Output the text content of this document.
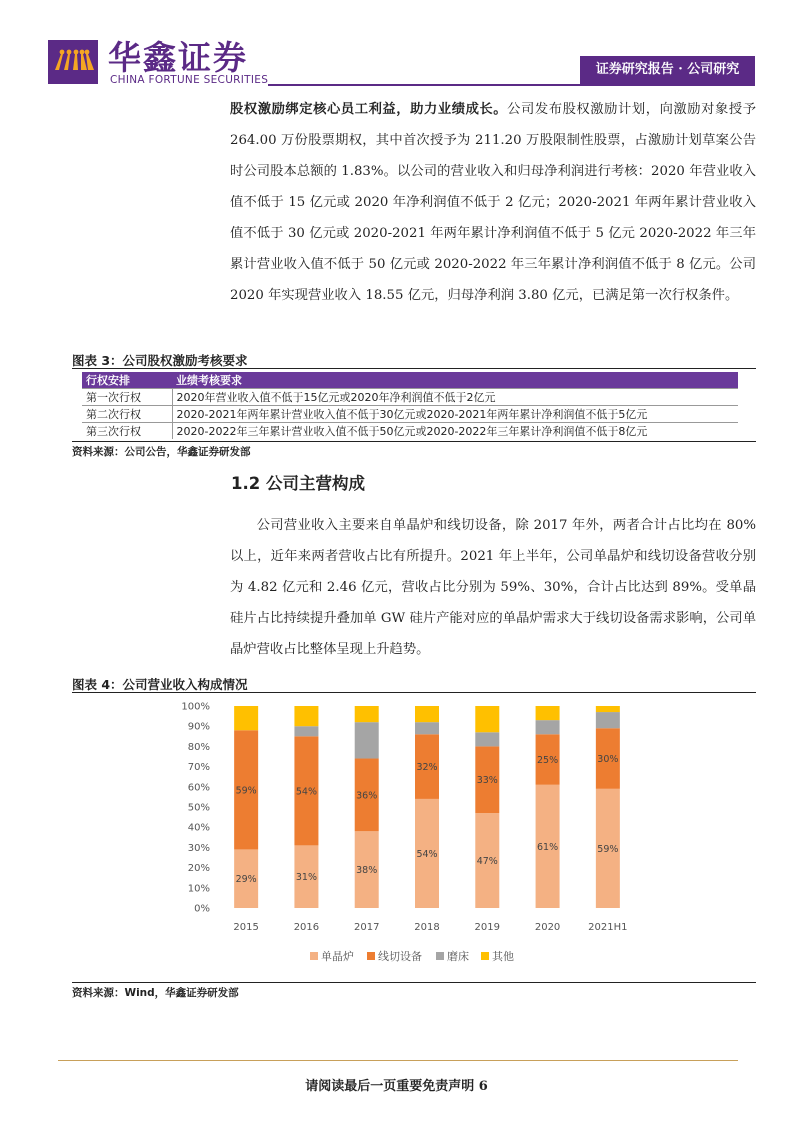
华鑫证券
CHINA FORTUNE SECURITIES
证券研究报告 · 公司研究
股权激励绑定核心员工利益，助力业绩成长。公司发布股权激励计划，向激励对象授予 264.00 万份股票期权，其中首次授予为 211.20 万股限制性股票，占激励计划草案公告时公司股本总额的 1.83%。以公司的营业收入和归母净利润进行考核：2020 年营业收入值不低于 15 亿元或 2020 年净利润值不低于 2 亿元；2020-2021 年两年累计营业收入值不低于 30 亿元或 2020-2021 年两年累计净利润值不低于 5 亿元 2020-2022 年三年累计营业收入值不低于 50 亿元或 2020-2022 年三年累计净利润值不低于 8 亿元。公司 2020 年实现营业收入 18.55 亿元，归母净利润 3.80 亿元，已满足第一次行权条件。
图表 3：公司股权激励考核要求
行权安排	业绩考核要求
第一次行权	2020年营业收入值不低于15亿元或2020年净利润值不低于2亿元
第二次行权	2020-2021年两年累计营业收入值不低于30亿元或2020-2021年两年累计净利润值不低于5亿元
第三次行权	2020-2022年三年累计营业收入值不低于50亿元或2020-2022年三年累计净利润值不低于8亿元
资料来源：公司公告，华鑫证券研发部
1.2 公司主营构成
公司营业收入主要来自单晶炉和线切设备，除 2017 年外，两者合计占比均在 80% 以上，近年来两者营收占比有所提升。2021 年上半年，公司单晶炉和线切设备营收分别为 4.82 亿元和 2.46 亿元，营收占比分别为 59%、30%，合计占比达到 89%。受单晶硅片占比持续提升叠加单 GW 硅片产能对应的单晶炉需求大于线切设备需求影响，公司单晶炉营收占比整体呈现上升趋势。
图表 4：公司营业收入构成情况
0%
10%
20%
30%
40%
50%
60%
70%
80%
90%
100%
29%
59%
31%
54%
38%
36%
54%
32%
47%
33%
61%
25%
59%
30%
2015	2016	2017	2018	2019	2020	2021H1
单晶炉 线切设备 磨床 其他
资料来源：Wind，华鑫证券研发部
请阅读最后一页重要免责声明 6
